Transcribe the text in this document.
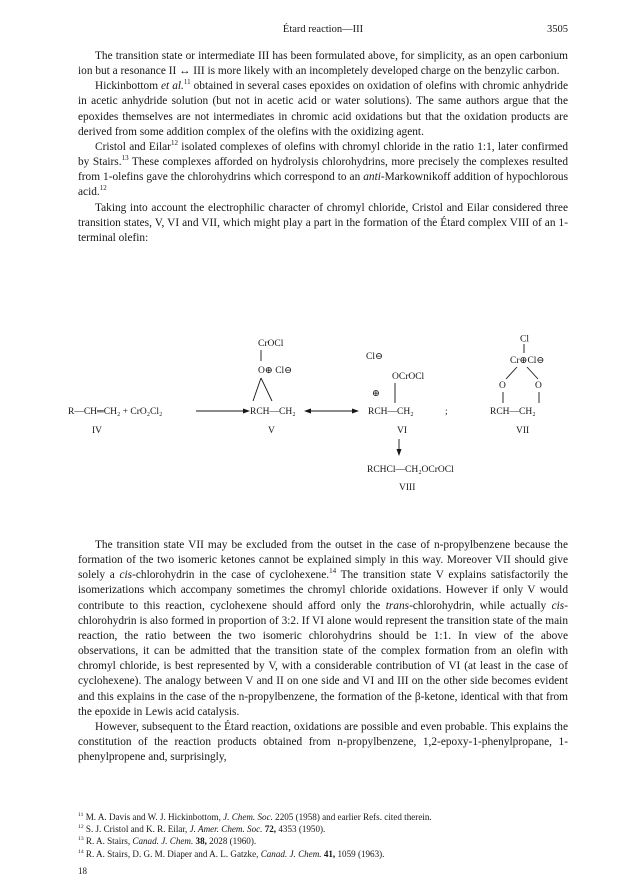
Étard reaction—III	3505

The transition state or intermediate III has been formulated above, for simplicity, as an open carbonium ion but a resonance II ↔ III is more likely with an incompletely developed charge on the benzylic carbon.

Hickinbottom et al.$^{11}$ obtained in several cases epoxides on oxidation of olefins with chromic anhydride in acetic anhydride solution (but not in acetic acid or water solutions). The same authors argue that the epoxides themselves are not intermediates in chromic acid oxidations but that the oxidation products are derived from some addition complex of the olefins with the oxidizing agent.

Cristol and Eilar$^{12}$ isolated complexes of olefins with chromyl chloride in the ratio 1:1, later confirmed by Stairs.$^{13}$ These complexes afforded on hydrolysis chlorohydrins, more precisely the complexes resulted from 1-olefins gave the chlorohydrins which correspond to an anti-Markownikoff addition of hypochlorous acid.$^{12}$

Taking into account the electrophilic character of chromyl chloride, Cristol and Eilar considered three transition states, V, VI and VII, which might play a part in the formation of the Étard complex VIII of an 1-terminal olefin:

R—CH═CH₂ + CrO₂Cl₂
IV
CrOCl
O⊕ Cl⊖
RCH—CH₂
V
Cl⊖
OCrOCl
⊕
RCH—CH₂
VI
;
Cl
Cr⊕Cl⊖
O	O
RCH—CH₂
VII
RCHCl—CH₂OCrOCl
VIII

The transition state VII may be excluded from the outset in the case of n-propylbenzene because the formation of the two isomeric ketones cannot be explained simply in this way. Moreover VII should give solely a cis-chlorohydrin in the case of cyclohexene.$^{14}$ The transition state V explains satisfactorily the isomerizations which accompany sometimes the chromyl chloride oxidations. However if only V would contribute to this reaction, cyclohexene should afford only the trans-chlorohydrin, while actually cis-chlorohydrin is also formed in proportion of 3:2. If VI alone would represent the transition state of the main reaction, the ratio between the two isomeric chlorohydrins should be 1:1. In view of the above observations, it can be admitted that the transition state of the complex formation from an olefin with chromyl chloride, is best represented by V, with a considerable contribution of VI (at least in the case of cyclohexene). The analogy between V and II on one side and VI and III on the other side becomes evident and this explains in the case of the n-propylbenzene, the formation of the β-ketone, identical with that from the epoxide in Lewis acid catalysis.

However, subsequent to the Étard reaction, oxidations are possible and even probable. This explains the constitution of the reaction products obtained from n-propylbenzene, 1,2-epoxy-1-phenylpropane, 1-phenylpropene and, surprisingly,

$^{11}$ M. A. Davis and W. J. Hickinbottom, J. Chem. Soc. 2205 (1958) and earlier Refs. cited therein.
$^{12}$ S. J. Cristol and K. R. Eilar, J. Amer. Chem. Soc. 72, 4353 (1950).
$^{13}$ R. A. Stairs, Canad. J. Chem. 38, 2028 (1960).
$^{14}$ R. A. Stairs, D. G. M. Diaper and A. L. Gatzke, Canad. J. Chem. 41, 1059 (1963).
18
